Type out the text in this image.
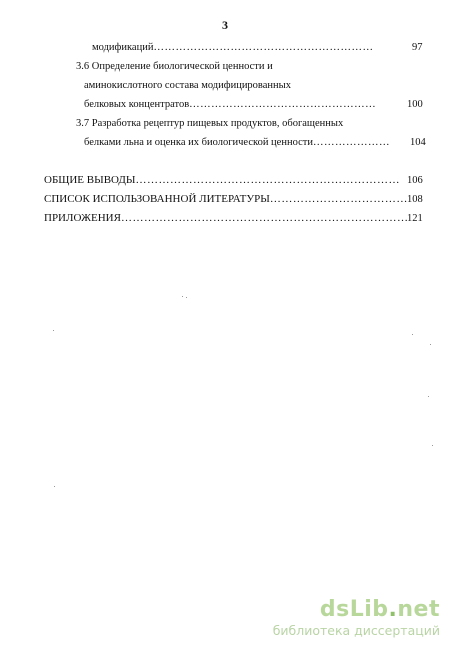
3
модификаций……………………………………………………	97
3.6 Определение биологической ценности и
аминокислотного состава модифицированных
белковых концентратов……………………………………………	100
3.7 Разработка рецептур пищевых продуктов, обогащенных
белками льна и оценка их биологической ценности………………… 104
ОБЩИЕ ВЫВОДЫ…………………………………………………………… 106
СПИСОК ИСПОЛЬЗОВАННОЙ ЛИТЕРАТУРЫ……………………………… 108
ПРИЛОЖЕНИЯ…………………………………………………………………
121
dsLib.net
библиотека диссертаций
